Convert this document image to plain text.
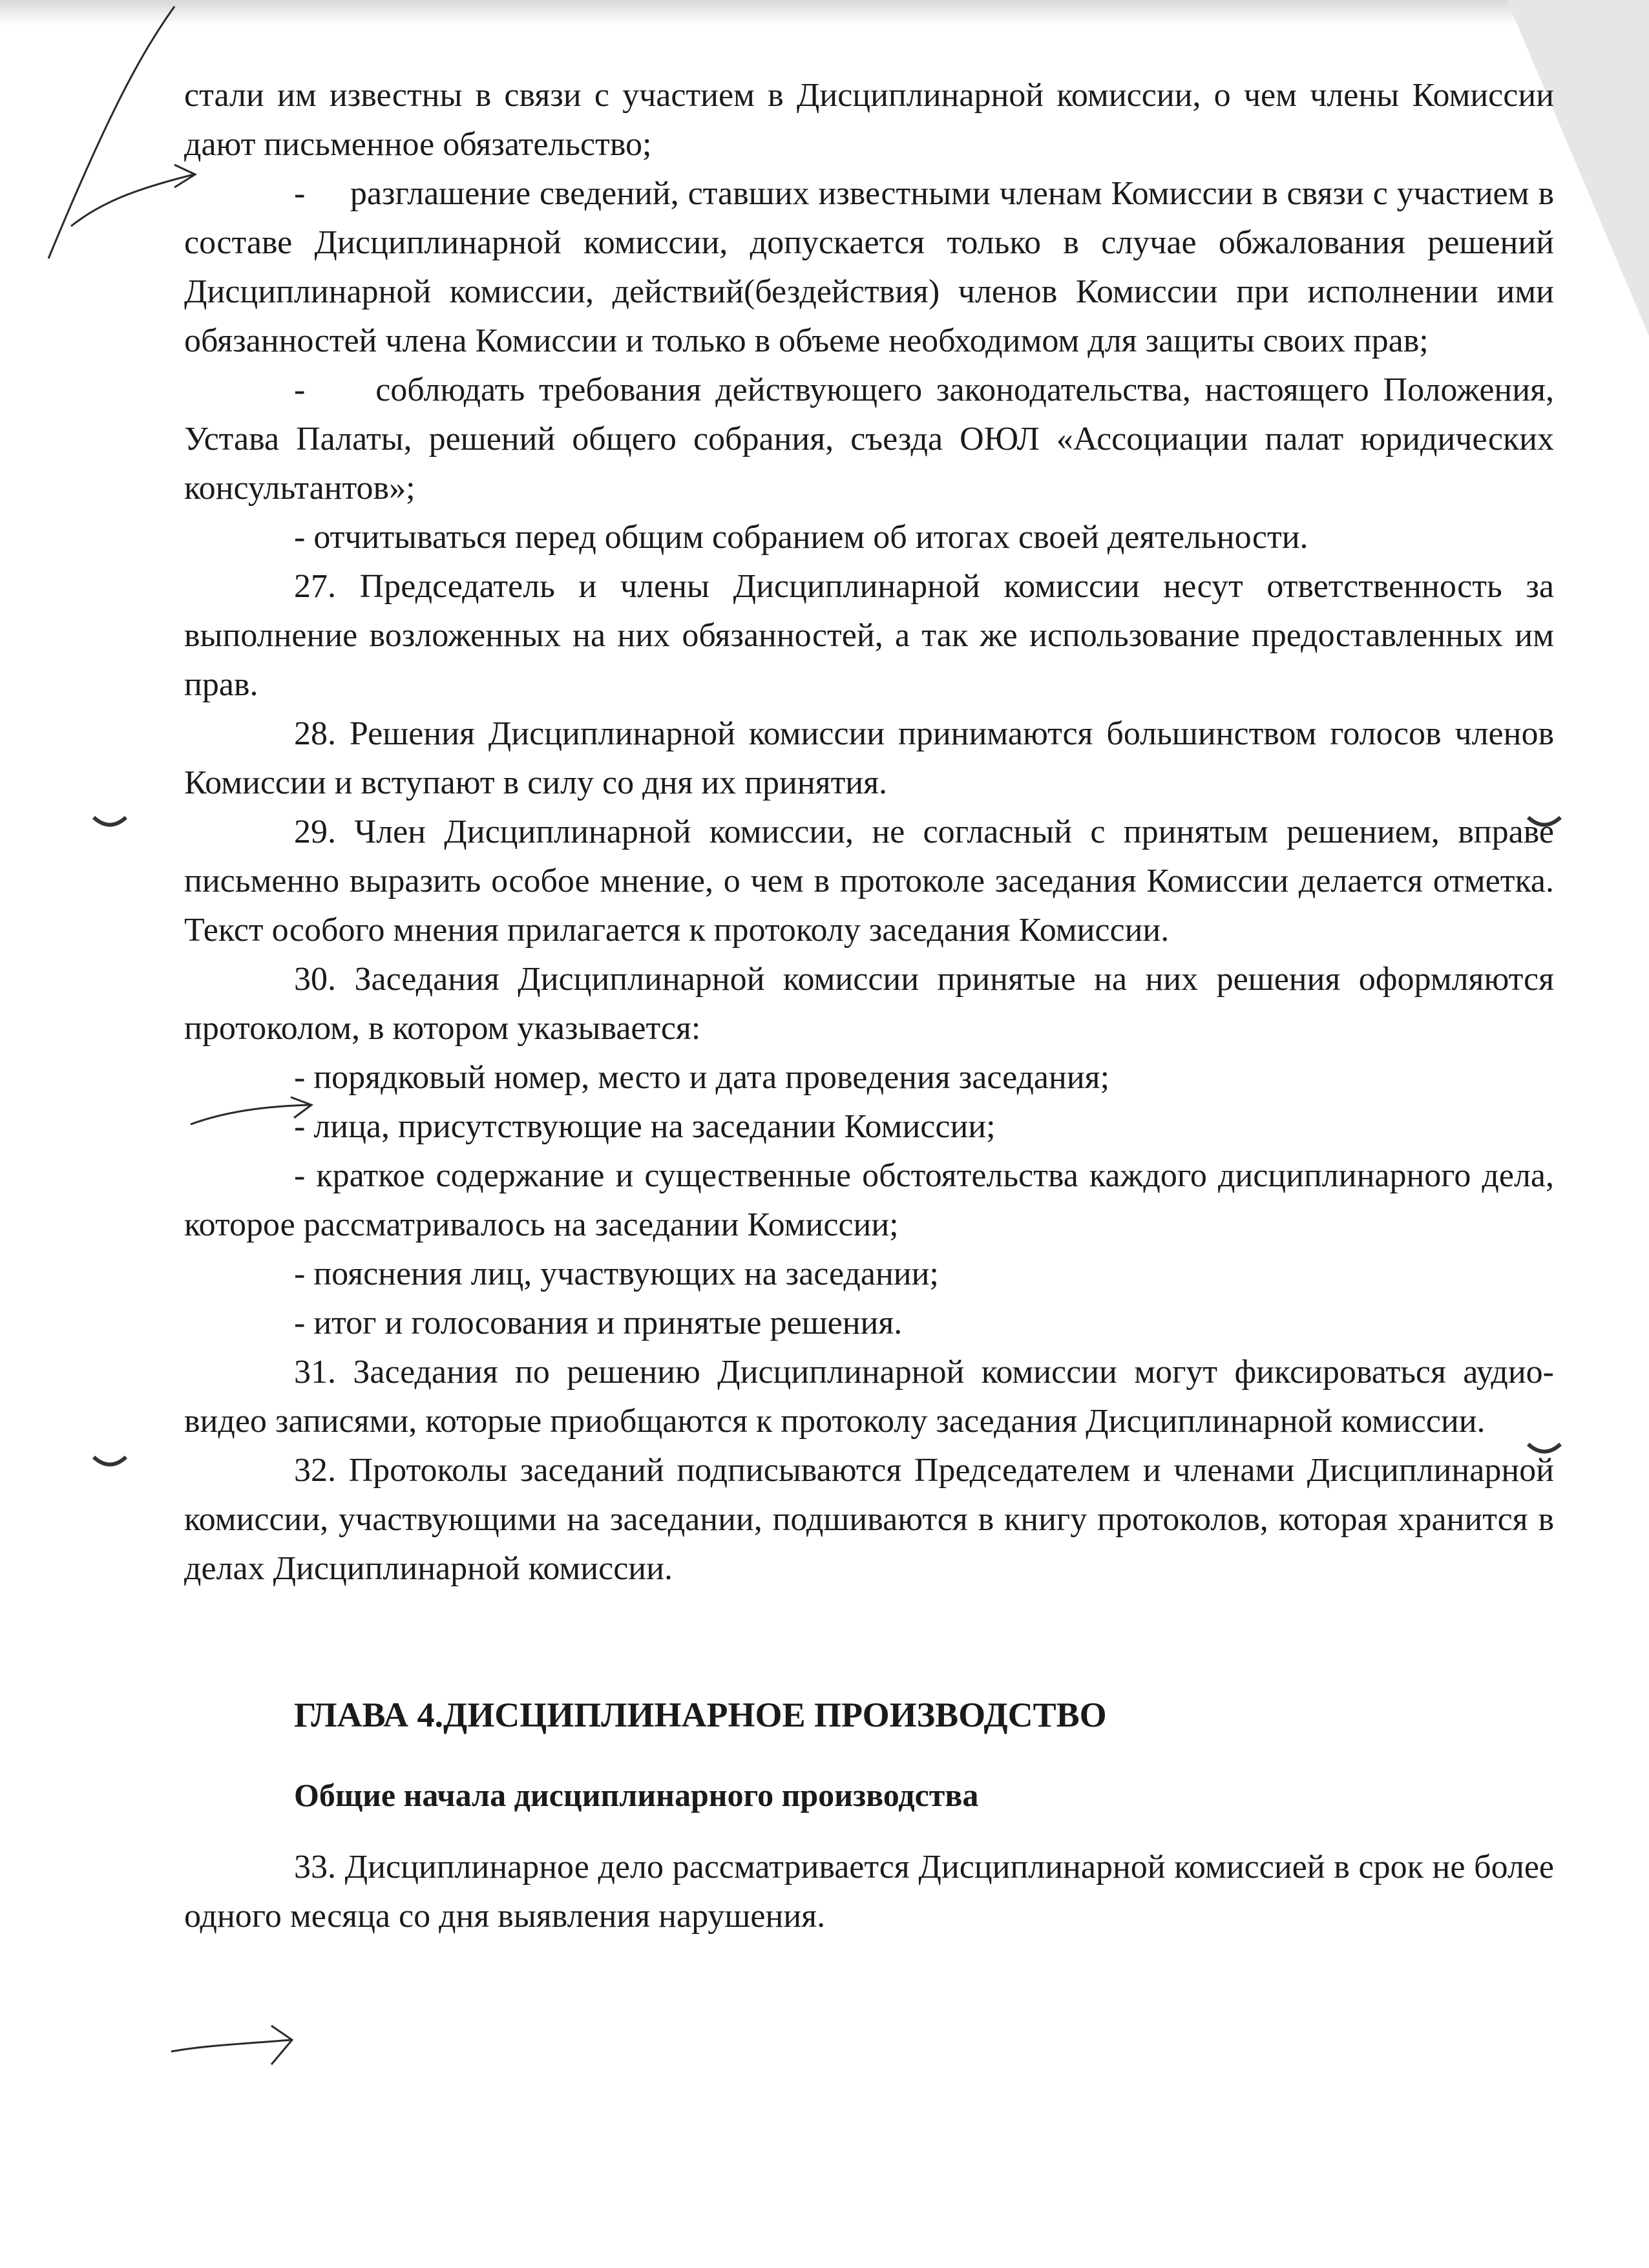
стали им известны в связи с участием в Дисциплинарной комиссии, о чем члены Комиссии дают письменное обязательство;

-     разглашение сведений, ставших известными членам Комиссии в связи с участием в составе Дисциплинарной комиссии, допускается только в случае обжалования решений Дисциплинарной комиссии, действий(бездействия) членов Комиссии при исполнении ими обязанностей члена Комиссии и только в объеме необходимом для защиты своих прав;

-     соблюдать требования действующего законодательства, настоящего Положения, Устава Палаты, решений общего собрания, съезда ОЮЛ «Ассоциации палат юридических консультантов»;

- отчитываться перед общим собранием об итогах своей деятельности.

27. Председатель и члены Дисциплинарной комиссии несут ответственность за выполнение возложенных на них обязанностей, а так же использование предоставленных им прав.

28. Решения Дисциплинарной комиссии принимаются большинством голосов членов Комиссии и вступают в силу со дня их принятия.

29. Член Дисциплинарной комиссии, не согласный с принятым решением, вправе письменно выразить особое мнение, о чем в протоколе заседания Комиссии делается отметка. Текст особого мнения прилагается к протоколу заседания Комиссии.

30. Заседания Дисциплинарной комиссии принятые на них решения оформляются протоколом, в котором указывается:

- порядковый номер, место и дата проведения заседания;

- лица, присутствующие на заседании Комиссии;

- краткое содержание и существенные обстоятельства каждого дисциплинарного дела, которое рассматривалось на заседании Комиссии;

- пояснения лиц, участвующих на заседании;

- итог и голосования и принятые решения.

31. Заседания по решению Дисциплинарной комиссии могут фиксироваться аудио-видео записями, которые приобщаются к протоколу заседания Дисциплинарной комиссии.

32. Протоколы заседаний подписываются Председателем и членами Дисциплинарной комиссии, участвующими на заседании, подшиваются в книгу протоколов, которая хранится в делах Дисциплинарной комиссии.

ГЛАВА 4.ДИСЦИПЛИНАРНОЕ ПРОИЗВОДСТВО

Общие начала дисциплинарного производства

33. Дисциплинарное дело рассматривается Дисциплинарной комиссией в срок не более одного месяца со дня выявления нарушения.
